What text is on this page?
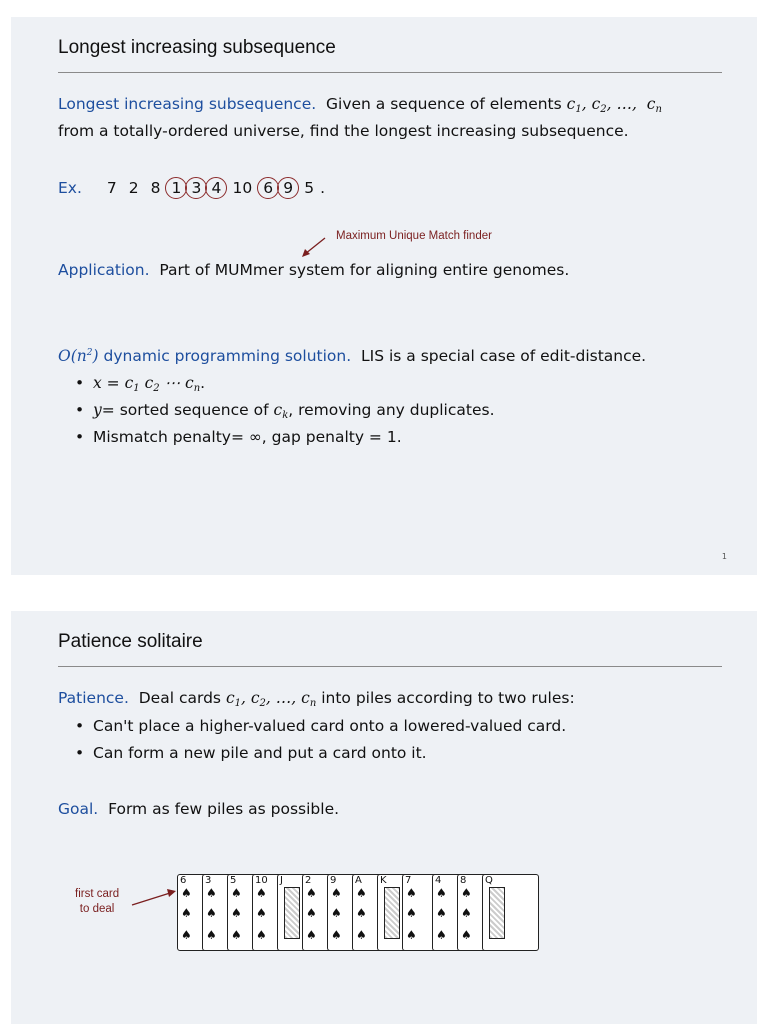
Longest increasing subsequence
Longest increasing subsequence. Given a sequence of elements $c_1$, $c_2$, …,  $c_n$
from a totally-ordered universe, find the longest increasing subsequence.
Ex. 7 2 8 1 3 4 10 6 9 5 .
Maximum Unique Match finder
Application. Part of MUMmer system for aligning entire genomes.
$O(n^2)$ dynamic programming solution. LIS is a special case of edit-distance.
• $x = c_1$ $c_2$ ⋯ $c_n$.
• y= sorted sequence of $c_k$, removing any duplicates.
• Mismatch penalty= ∞, gap penalty = 1.
1
Patience solitaire
Patience. Deal cards $c_1$, $c_2$, …, $c_n$ into piles according to two rules:
• Can't place a higher-valued card onto a lowered-valued card.
• Can form a new pile and put a card onto it.
Goal. Form as few piles as possible.
first card
to deal
6
♠
♠
♠
3
♠
♠
♠
5
♠
♠
♠
10
♠
♠
♠
J 2
♠
♠
♠
9
♠
♠
♠
A
♠
♠
♠
K 7
♠
♠
♠
4
♠
♠
♠
8
♠
♠
♠
Q
